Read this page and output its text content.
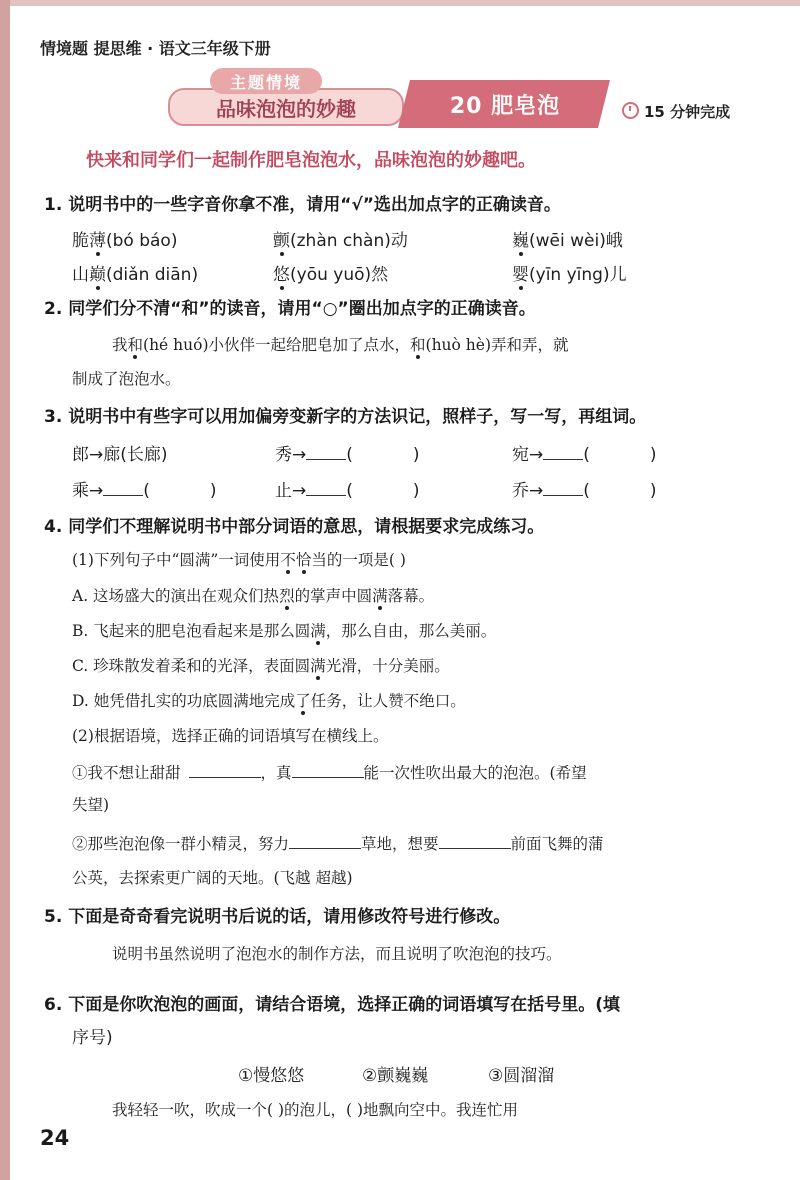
情境题 提思维 · 语文三年级下册
品味泡泡的妙趣
主题情境
20 肥皂泡	15 分钟完成
快来和同学们一起制作肥皂泡泡水，品味泡泡的妙趣吧。
1. 说明书中的一些字音你拿不准，请用“√”选出加点字的正确读音。
脆薄(bó báo)	颤(zhàn chàn)动	巍(wēi wèi)峨
山巅(diǎn diān)	悠(yōu yuō)然	婴(yīn yīng)儿
2. 同学们分不清“和”的读音，请用“○”圈出加点字的正确读音。
我和(hé huó)小伙伴一起给肥皂加了点水，和(huò hè)弄和弄，就
制成了泡泡水。
3. 说明书中有些字可以用加偏旁变新字的方法识记，照样子，写一写，再组词。
郎→廊(长廊)	秀→ (	)	宛→ (	)
乘→ (	)	止→ (	)	乔→ (	)
4. 同学们不理解说明书中部分词语的意思，请根据要求完成练习。
(1)下列句子中“圆满”一词使用不恰当的一项是( )
A. 这场盛大的演出在观众们热烈的掌声中圆满落幕。
B. 飞起来的肥皂泡看起来是那么圆满，那么自由，那么美丽。
C. 珍珠散发着柔和的光泽，表面圆满光滑，十分美丽。
D. 她凭借扎实的功底圆满地完成了任务，让人赞不绝口。
(2)根据语境，选择正确的词语填写在横线上。
①我不想让甜甜	，真	能一次性吹出最大的泡泡。(希望
失望)
②那些泡泡像一群小精灵，努力	草地，想要	前面飞舞的蒲
公英，去探索更广阔的天地。(飞越 超越)
5. 下面是奇奇看完说明书后说的话，请用修改符号进行修改。
说明书虽然说明了泡泡水的制作方法，而且说明了吹泡泡的技巧。
6. 下面是你吹泡泡的画面，请结合语境，选择正确的词语填写在括号里。(填
序号)
①慢悠悠	②颤巍巍	③圆溜溜
我轻轻一吹，吹成一个( )的泡儿，( )地飘向空中。我连忙用
24
